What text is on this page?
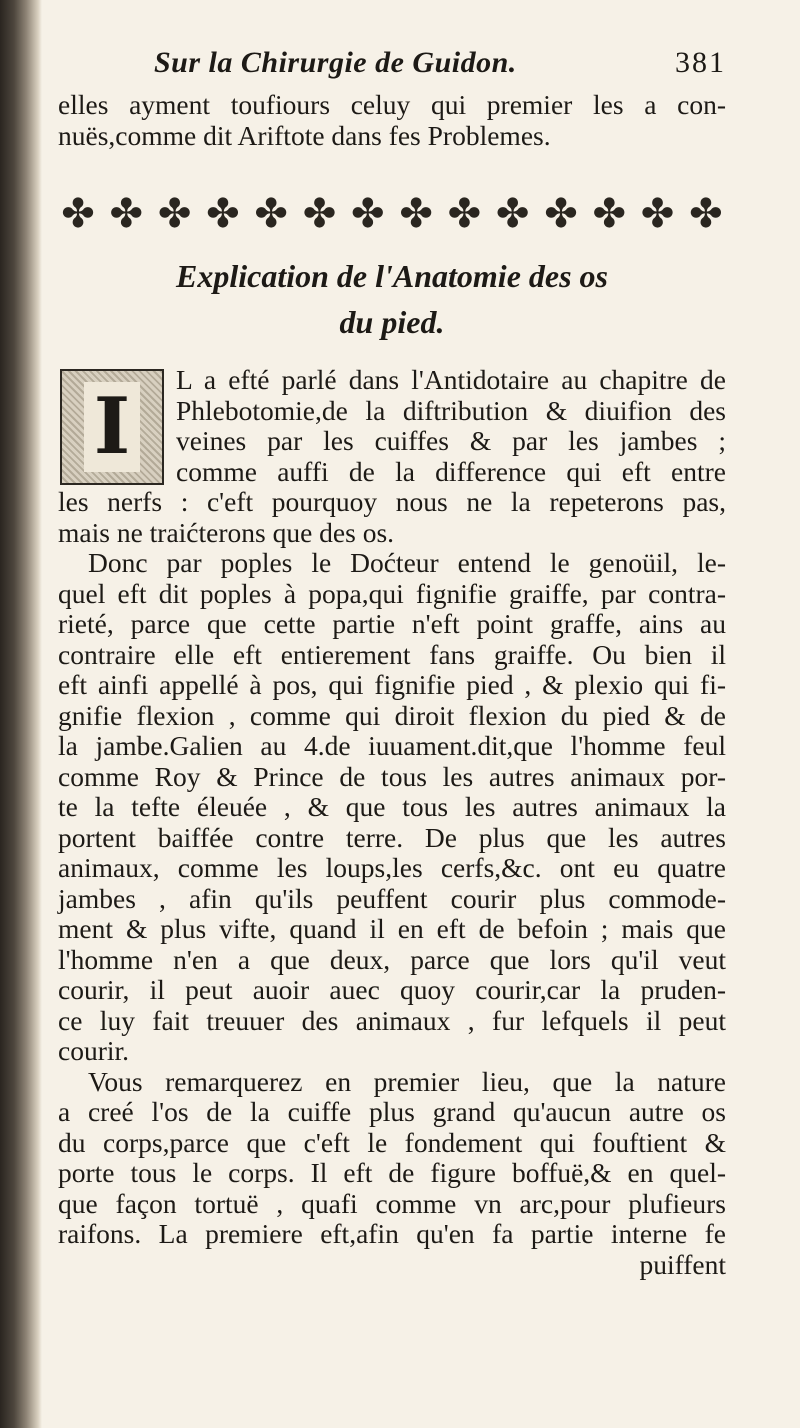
Sur la Chirurgie de Guidon.	381
elles ayment toufiours celuy qui premier les a con-
nuës,comme dit Ariftote dans fes Problemes.
✤ ✤ ✤ ✤ ✤ ✤ ✤ ✤ ✤ ✤ ✤ ✤ ✤ ✤
Explication de l'Anatomie des os
du pied.
I
L a efté parlé dans l'Antidotaire au chapitre de
Phlebotomie,de la diftribution & diuifion des
veines par les cuiffes & par les jambes ;
comme auffi de la difference qui eft entre
les nerfs : c'eft pourquoy nous ne la repeterons pas,
mais ne traićterons que des os.
Donc par poples le Doćteur entend le genoüil, le-
quel eft dit poples à popa,qui fignifie graiffe, par contra-
rieté, parce que cette partie n'eft point graffe, ains au
contraire elle eft entierement fans graiffe. Ou bien il
eft ainfi appellé à pos, qui fignifie pied , & plexio qui fi-
gnifie flexion , comme qui diroit flexion du pied & de
la jambe.Galien au 4.de iuuament.dit,que l'homme feul
comme Roy & Prince de tous les autres animaux por-
te la tefte éleuée , & que tous les autres animaux la
portent baiffée contre terre. De plus que les autres
animaux, comme les loups,les cerfs,&c. ont eu quatre
jambes , afin qu'ils peuffent courir plus commode-
ment & plus vifte, quand il en eft de befoin ; mais que
l'homme n'en a que deux, parce que lors qu'il veut
courir, il peut auoir auec quoy courir,car la pruden-
ce luy fait treuuer des animaux , fur lefquels il peut
courir.
Vous remarquerez en premier lieu, que la nature
a creé l'os de la cuiffe plus grand qu'aucun autre os
du corps,parce que c'eft le fondement qui fouftient &
porte tous le corps. Il eft de figure boffuë,& en quel-
que façon tortuë , quafi comme vn arc,pour plufieurs
raifons. La premiere eft,afin qu'en fa partie interne fe
puiffent
